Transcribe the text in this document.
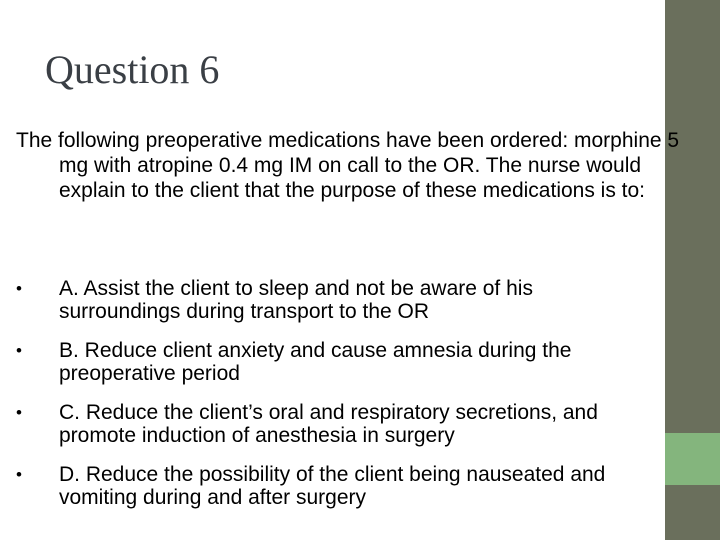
Question 6

The following preoperative medications have been ordered: morphine 5 mg with atropine 0.4 mg IM on call to the OR. The nurse would explain to the client that the purpose of these medications is to:

•	A. Assist the client to sleep and not be aware of his surroundings during transport to the OR
•	B. Reduce client anxiety and cause amnesia during the preoperative period
•	C. Reduce the client’s oral and respiratory secretions, and promote induction of anesthesia in surgery
•	D. Reduce the possibility of the client being nauseated and vomiting during and after surgery
